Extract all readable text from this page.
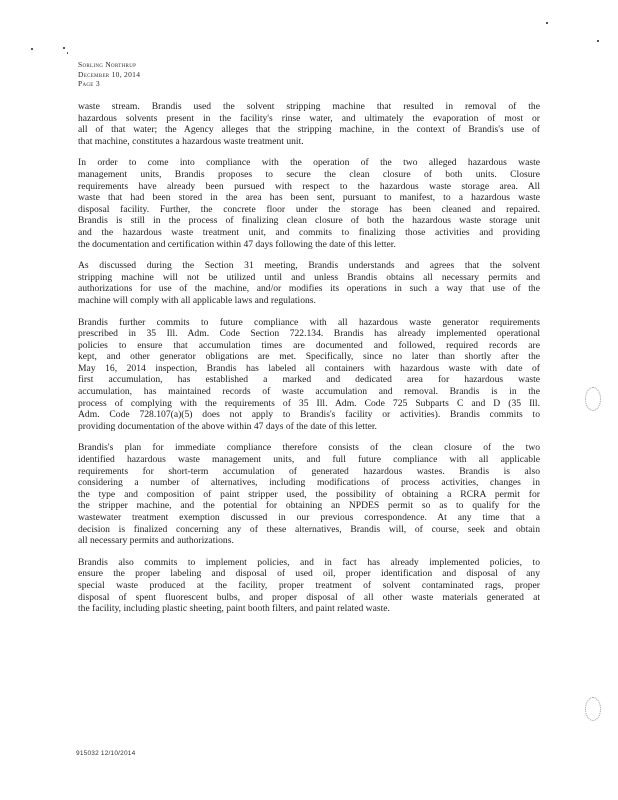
Sorling Northrup
December 10, 2014
Page 3
waste stream. Brandis used the solvent stripping machine that resulted in removal of the
hazardous solvents present in the facility's rinse water, and ultimately the evaporation of most or
all of that water; the Agency alleges that the stripping machine, in the context of Brandis's use of
that machine, constitutes a hazardous waste treatment unit.
In order to come into compliance with the operation of the two alleged hazardous waste
management units, Brandis proposes to secure the clean closure of both units. Closure
requirements have already been pursued with respect to the hazardous waste storage area. All
waste that had been stored in the area has been sent, pursuant to manifest, to a hazardous waste
disposal facility. Further, the concrete floor under the storage has been cleaned and repaired.
Brandis is still in the process of finalizing clean closure of both the hazardous waste storage unit
and the hazardous waste treatment unit, and commits to finalizing those activities and providing
the documentation and certification within 47 days following the date of this letter.
As discussed during the Section 31 meeting, Brandis understands and agrees that the solvent
stripping machine will not be utilized until and unless Brandis obtains all necessary permits and
authorizations for use of the machine, and/or modifies its operations in such a way that use of the
machine will comply with all applicable laws and regulations.
Brandis further commits to future compliance with all hazardous waste generator requirements
prescribed in 35 Ill. Adm. Code Section 722.134. Brandis has already implemented operational
policies to ensure that accumulation times are documented and followed, required records are
kept, and other generator obligations are met. Specifically, since no later than shortly after the
May 16, 2014 inspection, Brandis has labeled all containers with hazardous waste with date of
first accumulation, has established a marked and dedicated area for hazardous waste
accumulation, has maintained records of waste accumulation and removal. Brandis is in the
process of complying with the requirements of 35 Ill. Adm. Code 725 Subparts C and D (35 Ill.
Adm. Code 728.107(a)(5) does not apply to Brandis's facility or activities). Brandis commits to
providing documentation of the above within 47 days of the date of this letter.
Brandis's plan for immediate compliance therefore consists of the clean closure of the two
identified hazardous waste management units, and full future compliance with all applicable
requirements for short-term accumulation of generated hazardous wastes. Brandis is also
considering a number of alternatives, including modifications of process activities, changes in
the type and composition of paint stripper used, the possibility of obtaining a RCRA permit for
the stripper machine, and the potential for obtaining an NPDES permit so as to qualify for the
wastewater treatment exemption discussed in our previous correspondence. At any time that a
decision is finalized concerning any of these alternatives, Brandis will, of course, seek and obtain
all necessary permits and authorizations.
Brandis also commits to implement policies, and in fact has already implemented policies, to
ensure the proper labeling and disposal of used oil, proper identification and disposal of any
special waste produced at the facility, proper treatment of solvent contaminated rags, proper
disposal of spent fluorescent bulbs, and proper disposal of all other waste materials generated at
the facility, including plastic sheeting, paint booth filters, and paint related waste.
915032 12/10/2014
